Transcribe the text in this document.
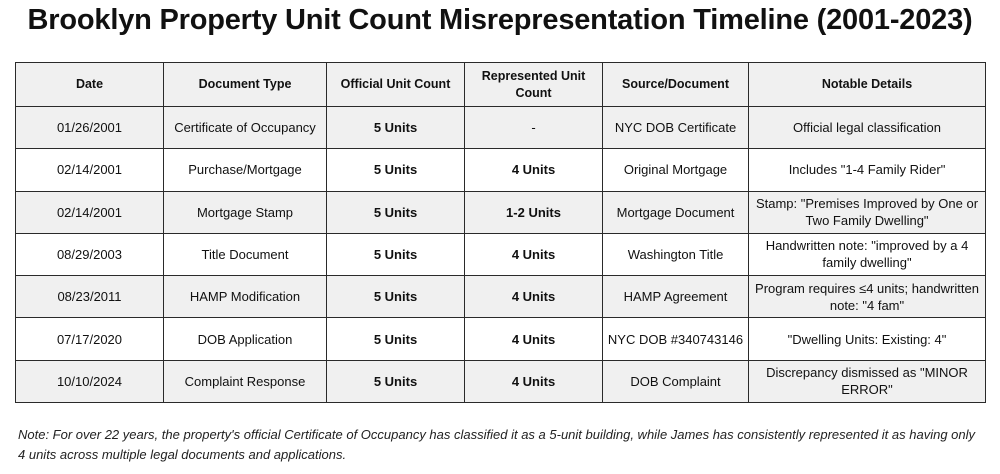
Brooklyn Property Unit Count Misrepresentation Timeline (2001-2023)
Date	Document Type	Official Unit Count	Represented Unit Count	Source/Document	Notable Details
01/26/2001	Certificate of Occupancy	5 Units	-	NYC DOB Certificate	Official legal classification
02/14/2001	Purchase/Mortgage	5 Units	4 Units	Original Mortgage	Includes "1-4 Family Rider"
02/14/2001	Mortgage Stamp	5 Units	1-2 Units	Mortgage Document	Stamp: "Premises Improved by One or Two Family Dwelling"
08/29/2003	Title Document	5 Units	4 Units	Washington Title	Handwritten note: "improved by a 4 family dwelling"
08/23/2011	HAMP Modification	5 Units	4 Units	HAMP Agreement	Program requires ≤4 units; handwritten note: "4 fam"
07/17/2020	DOB Application	5 Units	4 Units	NYC DOB #340743146	"Dwelling Units: Existing: 4"
10/10/2024	Complaint Response	5 Units	4 Units	DOB Complaint	Discrepancy dismissed as "MINOR ERROR"
Note: For over 22 years, the property's official Certificate of Occupancy has classified it as a 5-unit building, while James has consistently represented it as having only 4 units across multiple legal documents and applications.
